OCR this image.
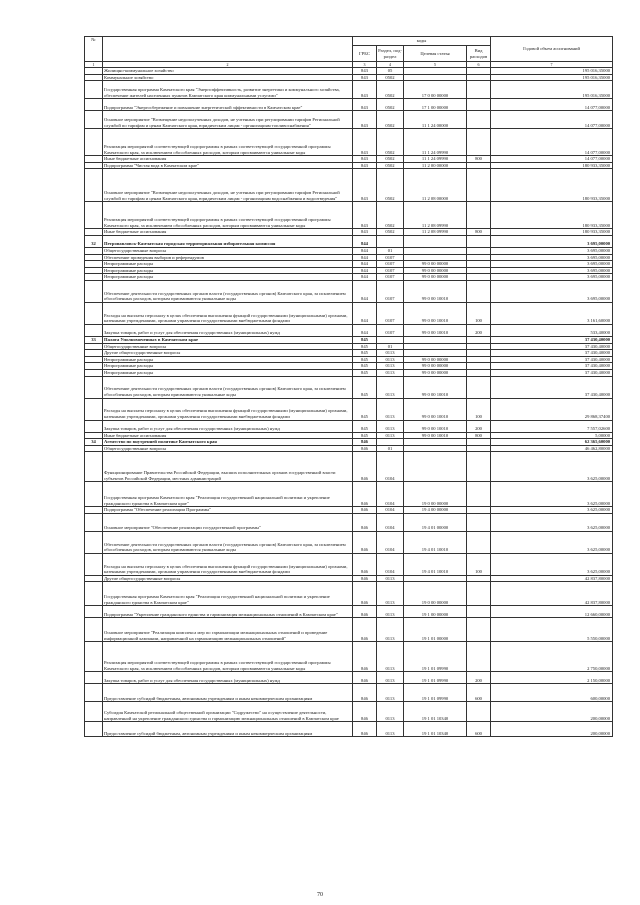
№		коды				Годовой объем ассигнований
		ГРБС	Раздел, под-раздел	Целевая статья	Вид расходов	
1	2	3	4	5	6	7
	Жилищно-коммунальное хозяйство	843	05			195 016,35000
	Коммунальное хозяйство	843	0502			195 016,35000
	Государственная программа Камчатского края "Энергоэффективность, развитие энергетики и коммунального хозяйства, обеспечение жителей населенных пунктов Камчатского края коммунальными услугами"	843	0502	17 0 00 00000		195 016,35000
	Подпрограмма "Энергосбережение и повышение энергетической эффективности в Камчатском крае"	843	0502	17 1 00 00000		14 077,00000
	Основное мероприятие "Возмещение недополученных доходов, не учтенных при регулировании тарифов Региональной службой по тарифам и ценам Камчатского края, юридическим лицам - организациям топливоснабжения"	843	0502	11 1 24 00000		14 077,00000
	Реализация мероприятий соответствующей подпрограммы в рамках соответствующей государственной программы Камчатского края, за исключением обособленных расходов, которым присваиваются уникальные коды	843	0502	11 1 24 09990		14 077,00000
	Иные бюджетные ассигнования	843	0502	11 1 24 09990	800	14 077,00000
	Подпрограмма "Чистая вода в Камчатском крае"	843	0502	11 2 00 00000		180 933,35000
	Основное мероприятие "Возмещение недополученных доходов, не учтенных при регулировании тарифов Региональной службой по тарифам и ценам Камчатского края, юридическим лицам - организациям водоснабжения и водоотведения"	843	0502	11 2 08 00000		180 933,35000
	Реализация мероприятий соответствующей подпрограммы в рамках соответствующей государственной программы Камчатского края, за исключением обособленных расходов, которым присваиваются уникальные коды	843	0502	11 2 08 09990		180 933,35000
	Иные бюджетные ассигнования	843	0502	11 2 08 09990	800	180 933,35000
32	Петропавловск-Камчатская городская территориальная избирательная комиссия	844				3 695,00000
	Общегосударственные вопросы	844	01			3 695,00000
	Обеспечение проведения выборов и референдумов	844	0107			3 695,00000
	Непрограммные расходы	844	0107	99 0 00 00000		3 695,00000
	Непрограммные расходы	844	0107	99 0 00 00000		3 695,00000
	Непрограммные расходы	844	0107	99 0 00 00000		3 695,00000
	Обеспечение деятельности государственных органов власти (государственных органов) Камчатского края, за исключением обособленных расходов, которым присваиваются уникальные коды	844	0107	99 0 00 10010		3 695,00000
	Расходы на выплаты персоналу в целях обеспечения выполнения функций государственными (муниципальными) органами, казенными учреждениями, органами управления государственными внебюджетными фондами	844	0107	99 0 00 10010	100	3 161,60000
	Закупка товаров, работ и услуг для обеспечения государственных (муниципальных) нужд	844	0107	99 0 00 10010	200	533,40000
33	Палата Уполномоченных в Камчатском крае	845				37 430,40000
	Общегосударственные вопросы	845	01			37 430,40000
	Другие общегосударственные вопросы	845	0113			37 430,40000
	Непрограммные расходы	845	0113	99 0 00 00000		37 430,40000
	Непрограммные расходы	845	0113	99 0 00 00000		37 430,40000
	Непрограммные расходы	845	0113	99 0 00 00000		37 430,40000
	Обеспечение деятельности государственных органов власти (государственных органов) Камчатского края, за исключением обособленных расходов, которым присваиваются уникальные коды	845	0113	99 0 00 10010		37 430,40000
	Расходы на выплаты персоналу в целях обеспечения выполнения функций государственными (муниципальными) органами, казенными учреждениями, органами управления государственными внебюджетными фондами	845	0113	99 0 00 10010	100	29 868,37400
	Закупка товаров, работ и услуг для обеспечения государственных (муниципальных) нужд	845	0113	99 0 00 10010	200	7 557,02600
	Иные бюджетные ассигнования	845	0113	99 0 00 10010	800	5,00000
34	Агентство по внутренней политике Камчатского края	846				62 365,60000
	Общегосударственные вопросы	846	01			46 462,80000
	Функционирование Правительства Российской Федерации, высших исполнительных органов государственной власти субъектов Российской Федерации, местных администраций	846	0104			3 625,00000
	Государственная программа Камчатского края "Реализация государственной национальной политики и укрепление гражданского единства в Камчатском крае"	846	0104	19 0 00 00000		3 625,00000
	Подпрограмма "Обеспечение реализации Программы"	846	0104	19 4 00 00000		3 625,00000
	Основное мероприятие "Обеспечение реализации государственной программы"	846	0104	19 4 01 00000		3 625,00000
	Обеспечение деятельности государственных органов власти (государственных органов) Камчатского края, за исключением обособленных расходов, которым присваиваются уникальные коды	846	0104	19 4 01 10010		3 625,00000
	Расходы на выплаты персоналу в целях обеспечения выполнения функций государственными (муниципальными) органами, казенными учреждениями, органами управления государственными внебюджетными фондами	846	0104	19 4 01 10010	100	3 625,00000
	Другие общегосударственные вопросы	846	0113			42 837,80000
	Государственная программа Камчатского края "Реализация государственной национальной политики и укрепление гражданского единства в Камчатском крае"	846	0113	19 0 00 00000		42 837,80000
	Подпрограмма "Укрепление гражданского единства и гармонизация межнациональных отношений в Камчатском крае"	846	0113	19 1 00 00000		12 660,00000
	Основное мероприятие "Реализация комплекса мер по гармонизации межнациональных отношений и проведение информационной кампании, направленной на гармонизацию межнациональных отношений"	846	0113	19 1 01 00000		5 550,00000
	Реализация мероприятий соответствующей подпрограммы в рамках соответствующей государственной программы Камчатского края, за исключением обособленных расходов, которым присваиваются уникальные коды	846	0113	19 1 01 09990		2 750,00000
	Закупка товаров, работ и услуг для обеспечения государственных (муниципальных) нужд	846	0113	19 1 01 09990	200	2 150,00000
	Предоставление субсидий бюджетным, автономным учреждениям и иным некоммерческим организациям	846	0113	19 1 01 09990	600	600,00000
	Субсидия Камчатской региональной общественной организации "Содружество" на осуществление деятельности, направленной на укрепление гражданского единства и гармонизацию межнациональных отношений в Камчатском крае	846	0113	19 1 01 10340		200,00000
	Предоставление субсидий бюджетным, автономным учреждениям и иным некоммерческим организациям	846	0113	19 1 01 10340	600	200,00000
70
